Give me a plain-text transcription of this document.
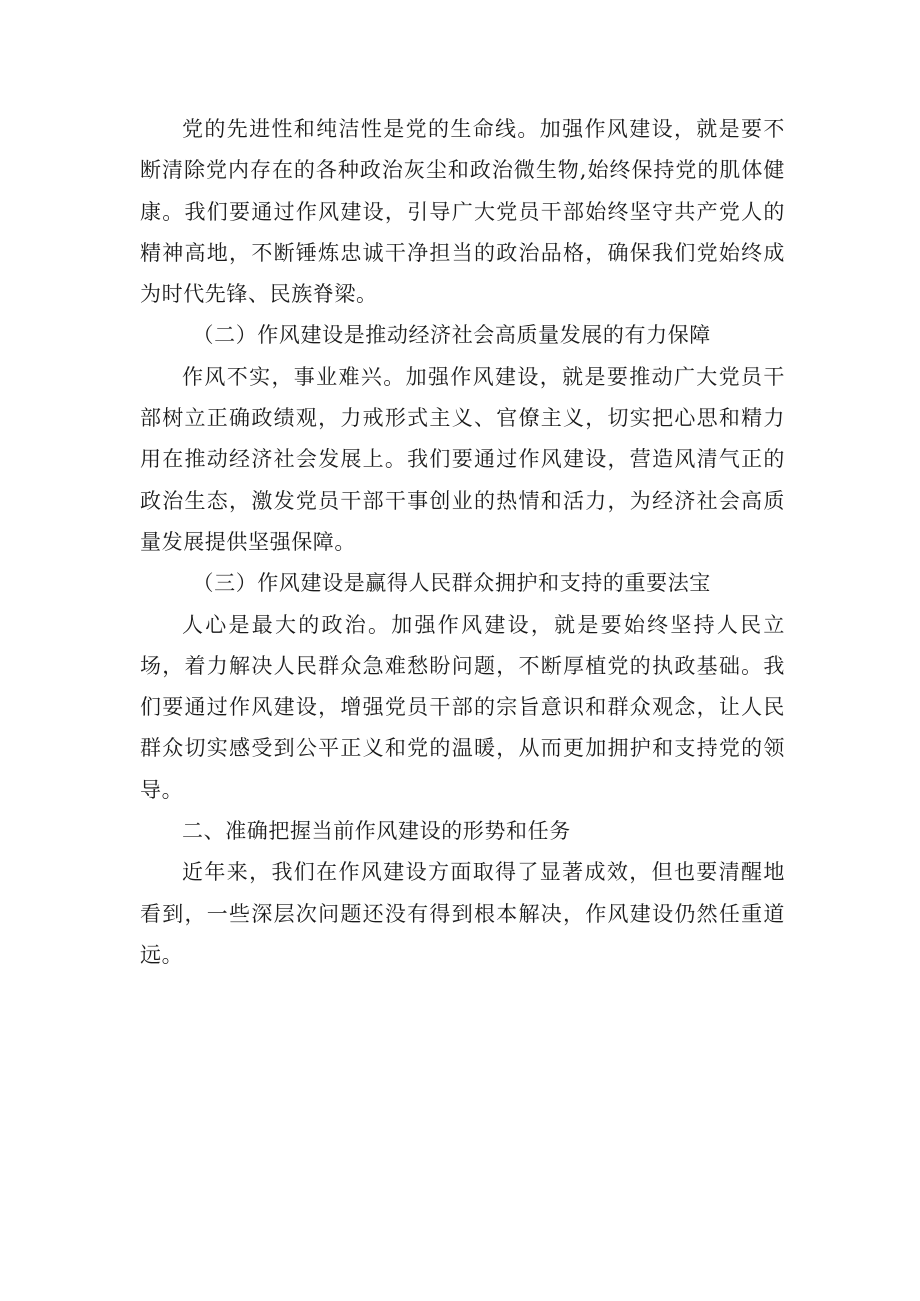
党的先进性和纯洁性是党的生命线。加强作风建设，就是要不断清除党内存在的各种政治灰尘和政治微生物,始终保持党的肌体健康。我们要通过作风建设，引导广大党员干部始终坚守共产党人的精神高地，不断锤炼忠诚干净担当的政治品格，确保我们党始终成为时代先锋、民族脊梁。

（二）作风建设是推动经济社会高质量发展的有力保障

作风不实，事业难兴。加强作风建设，就是要推动广大党员干部树立正确政绩观，力戒形式主义、官僚主义，切实把心思和精力用在推动经济社会发展上。我们要通过作风建设，营造风清气正的政治生态，激发党员干部干事创业的热情和活力，为经济社会高质量发展提供坚强保障。

（三）作风建设是赢得人民群众拥护和支持的重要法宝

人心是最大的政治。加强作风建设，就是要始终坚持人民立场，着力解决人民群众急难愁盼问题，不断厚植党的执政基础。我们要通过作风建设，增强党员干部的宗旨意识和群众观念，让人民群众切实感受到公平正义和党的温暖，从而更加拥护和支持党的领导。

二、准确把握当前作风建设的形势和任务

近年来，我们在作风建设方面取得了显著成效，但也要清醒地看到，一些深层次问题还没有得到根本解决，作风建设仍然任重道远。
